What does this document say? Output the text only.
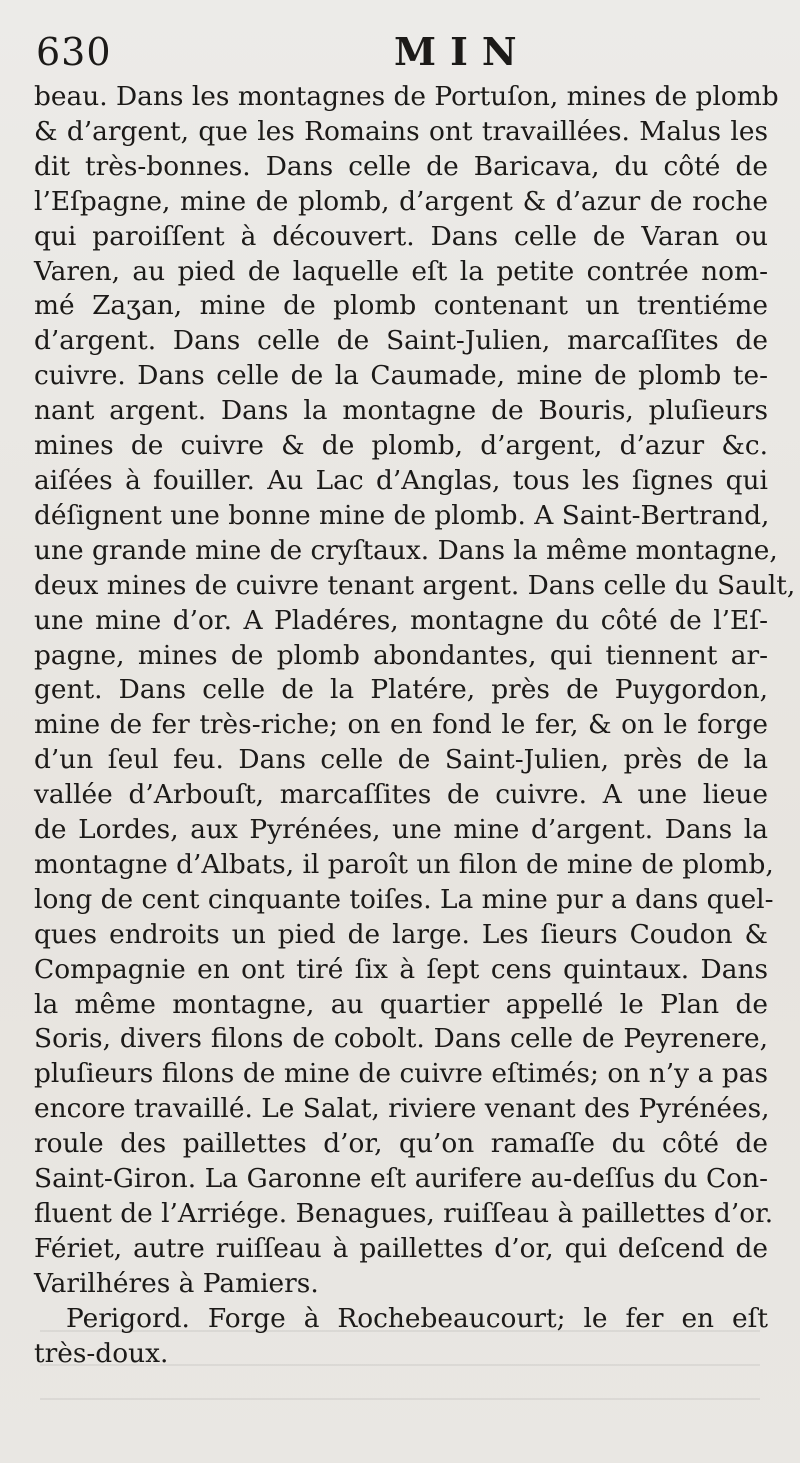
630	MIN

beau. Dans les montagnes de Portuſon, mines de plomb
& d’argent, que les Romains ont travaillées. Malus les
dit très-bonnes. Dans celle de Baricava, du côté de
l’Eſpagne, mine de plomb, d’argent & d’azur de roche
qui paroiſſent à découvert. Dans celle de Varan ou
Varen, au pied de laquelle eſt la petite contrée nom-
mé Zaʒan, mine de plomb contenant un trentiéme
d’argent. Dans celle de Saint-Julien, marcaſſites de
cuivre. Dans celle de la Caumade, mine de plomb te-
nant argent. Dans la montagne de Bouris, pluſieurs
mines de cuivre & de plomb, d’argent, d’azur &c.
aiſées à fouiller. Au Lac d’Anglas, tous les ſignes qui
déſignent une bonne mine de plomb. A Saint-Bertrand,
une grande mine de cryſtaux. Dans la même montagne,
deux mines de cuivre tenant argent. Dans celle du Sault,
une mine d’or. A Pladéres, montagne du côté de l’Eſ-
pagne, mines de plomb abondantes, qui tiennent ar-
gent. Dans celle de la Platére, près de Puygordon,
mine de fer très-riche; on en fond le fer, & on le forge
d’un ſeul feu. Dans celle de Saint-Julien, près de la
vallée d’Arbouſt, marcaſſites de cuivre. A une lieue
de Lordes, aux Pyrénées, une mine d’argent. Dans la
montagne d’Albats, il paroît un filon de mine de plomb,
long de cent cinquante toiſes. La mine pur a dans quel-
ques endroits un pied de large. Les ſieurs Coudon &
Compagnie en ont tiré ſix à ſept cens quintaux. Dans
la même montagne, au quartier appellé le Plan de
Soris, divers filons de cobolt. Dans celle de Peyrenere,
pluſieurs filons de mine de cuivre eſtimés; on n’y a pas
encore travaillé. Le Salat, riviere venant des Pyrénées,
roule des paillettes d’or, qu’on ramaſſe du côté de
Saint-Giron. La Garonne eſt aurifere au-deſſus du Con-
fluent de l’Arriége. Benagues, ruiſſeau à paillettes d’or.
Fériet, autre ruiſſeau à paillettes d’or, qui deſcend de
Varilhéres à Pamiers.

Perigord. Forge à Rochebeaucourt; le fer en eſt
très-doux.
